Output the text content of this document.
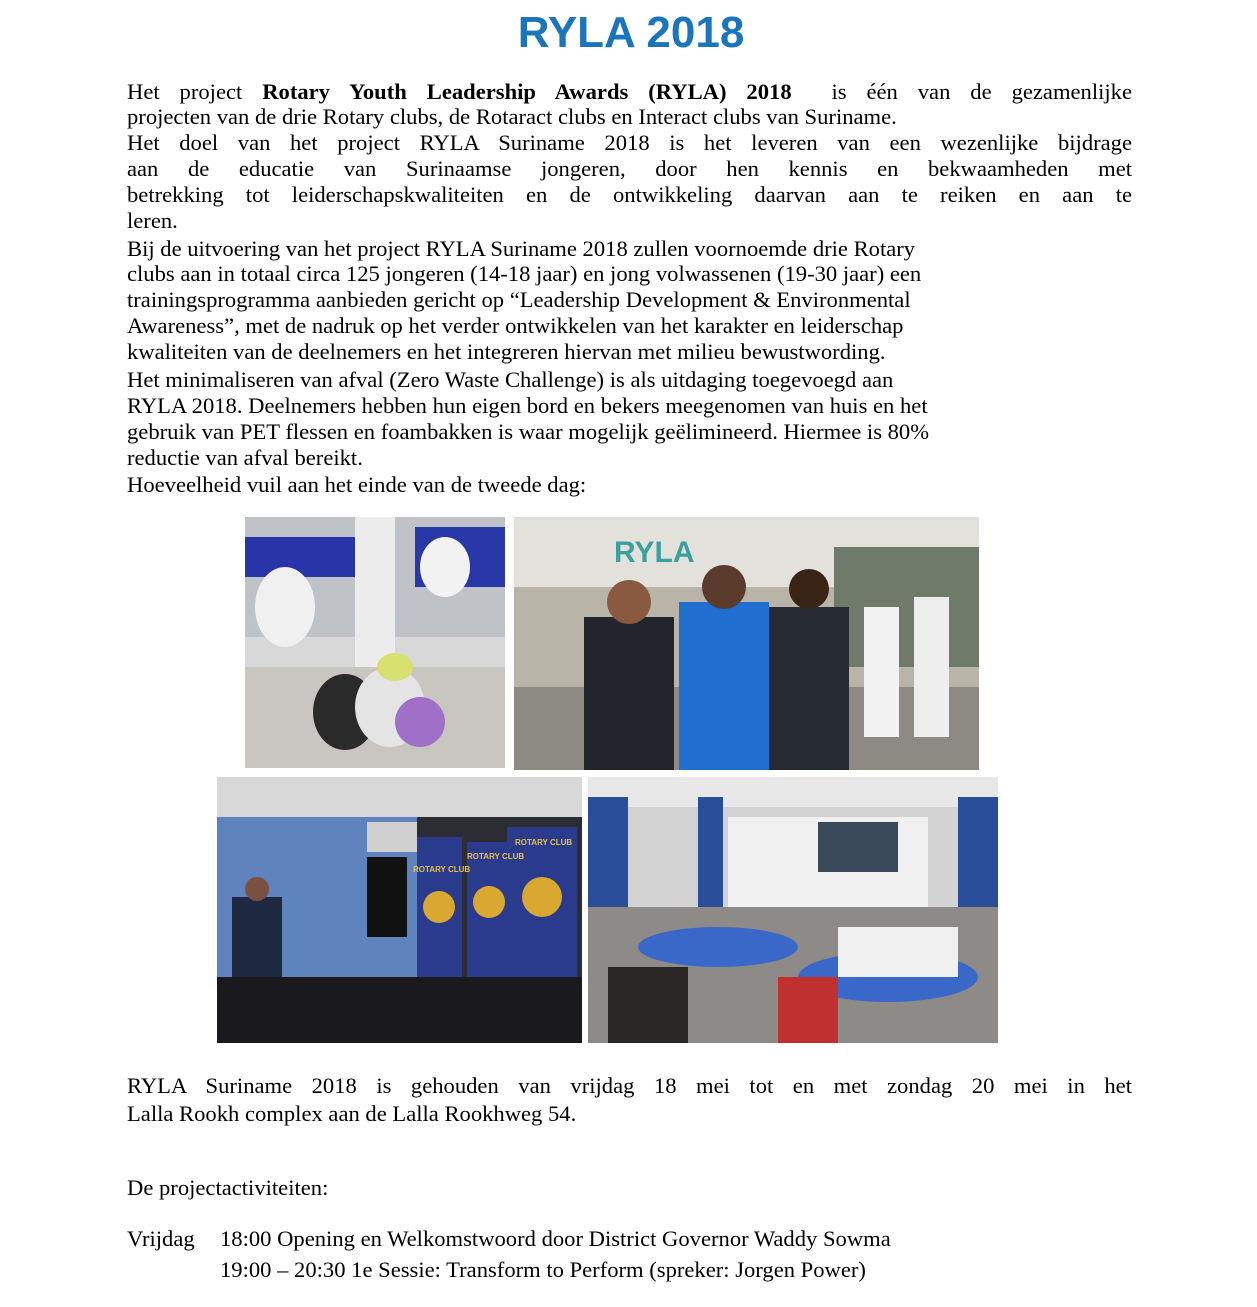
RYLA 2018
Het project Rotary Youth Leadership Awards (RYLA) 2018  is één van de gezamenlijke
projecten van de drie Rotary clubs, de Rotaract clubs en Interact clubs van Suriname.
Het doel van het project RYLA Suriname 2018 is het leveren van een wezenlijke bijdrage
aan de educatie van Surinaamse jongeren, door hen kennis en bekwaamheden met
betrekking tot leiderschapskwaliteiten en de ontwikkeling daarvan aan te reiken en aan te
leren.
Bij de uitvoering van het project RYLA Suriname 2018 zullen voornoemde drie Rotary
clubs aan in totaal circa 125 jongeren (14-18 jaar) en jong volwassenen (19-30 jaar) een
trainingsprogramma aanbieden gericht op “Leadership Development & Environmental
Awareness”, met de nadruk op het verder ontwikkelen van het karakter en leiderschap
kwaliteiten van de deelnemers en het integreren hiervan met milieu bewustwording.
Het minimaliseren van afval (Zero Waste Challenge) is als uitdaging toegevoegd aan
RYLA 2018. Deelnemers hebben hun eigen bord en bekers meegenomen van huis en het
gebruik van PET flessen en foambakken is waar mogelijk geëlimineerd. Hiermee is 80%
reductie van afval bereikt.
Hoeveelheid vuil aan het einde van de tweede dag:
RYLA
ROTARY CLUB
ROTARY CLUB
ROTARY CLUB
RYLA Suriname 2018 is gehouden van vrijdag 18 mei tot en met zondag 20 mei in het
Lalla Rookh complex aan de Lalla Rookhweg 54.
De projectactiviteiten:
Vrijdag 18:00 Opening en Welkomstwoord door District Governor Waddy Sowma
19:00 – 20:30 1e Sessie: Transform to Perform (spreker: Jorgen Power)
